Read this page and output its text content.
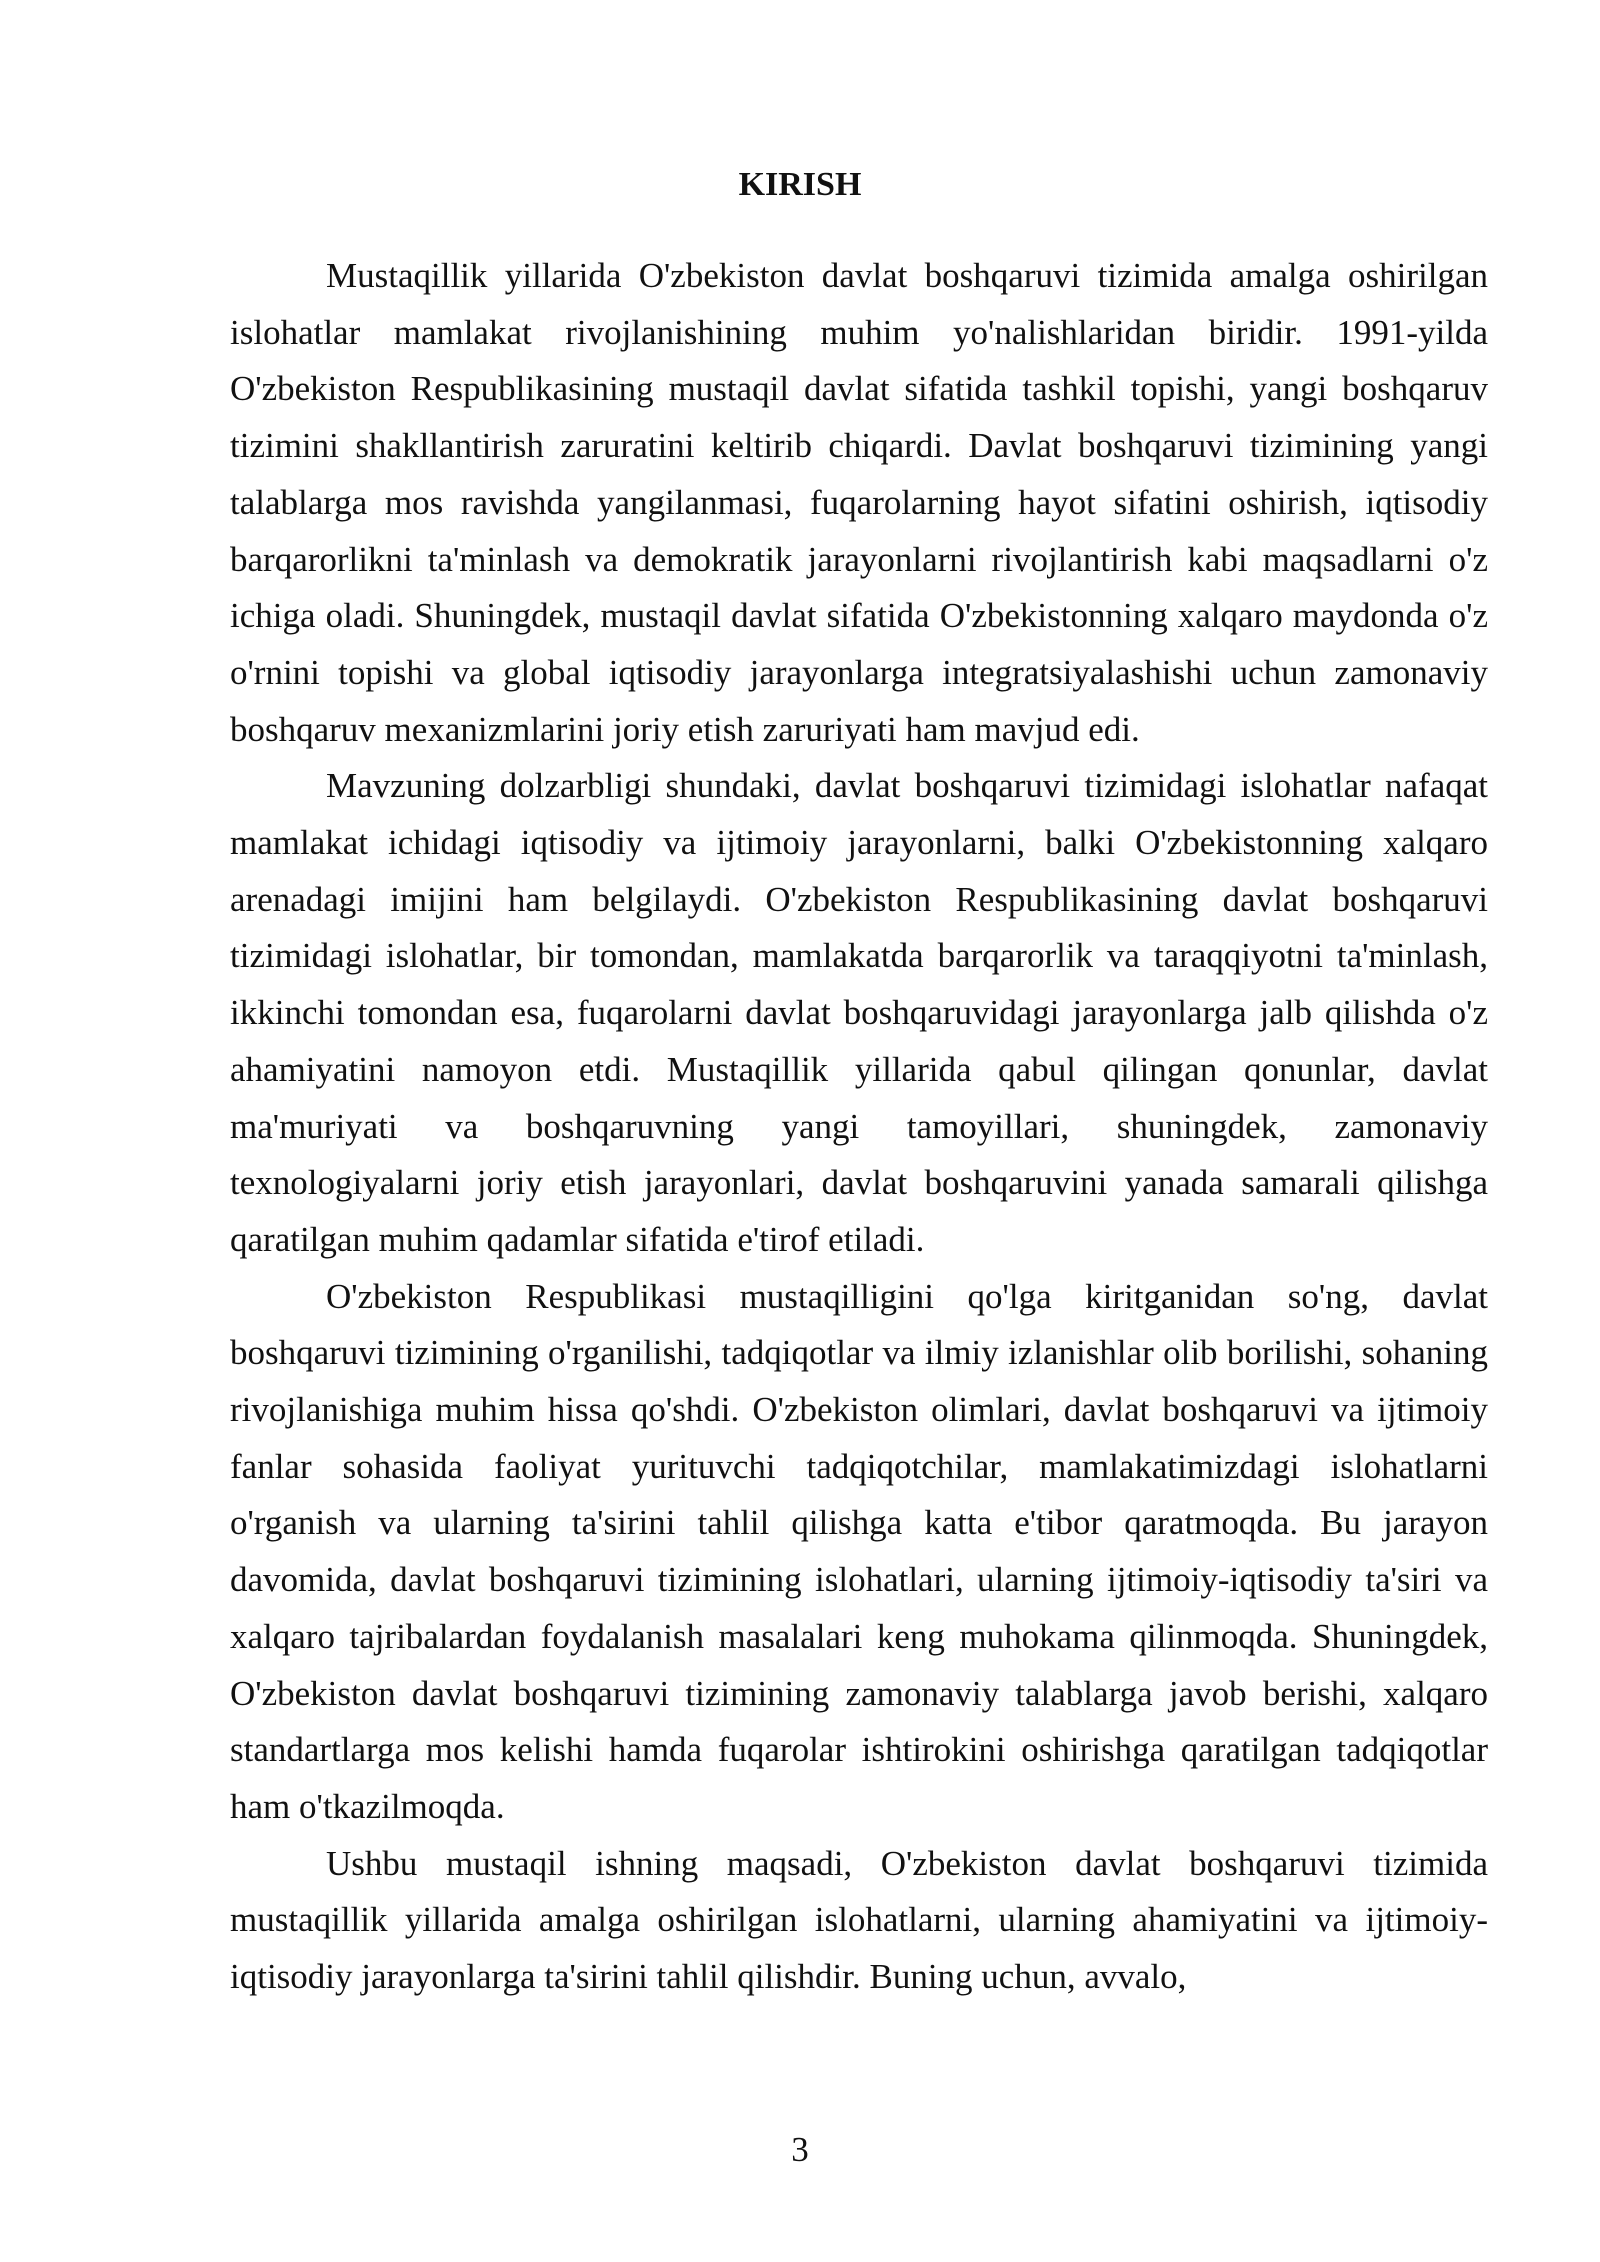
KIRISH

Mustaqillik yillarida O'zbekiston davlat boshqaruvi tizimida amalga oshirilgan islohatlar mamlakat rivojlanishining muhim yo'nalishlaridan biridir. 1991-yilda O'zbekiston Respublikasining mustaqil davlat sifatida tashkil topishi, yangi boshqaruv tizimini shakllantirish zaruratini keltirib chiqardi. Davlat boshqaruvi tizimining yangi talablarga mos ravishda yangilanmasi, fuqarolarning hayot sifatini oshirish, iqtisodiy barqarorlikni ta'minlash va demokratik jarayonlarni rivojlantirish kabi maqsadlarni o'z ichiga oladi. Shuningdek, mustaqil davlat sifatida O'zbekistonning xalqaro maydonda o'z o'rnini topishi va global iqtisodiy jarayonlarga integratsiyalashishi uchun zamonaviy boshqaruv mexanizmlarini joriy etish zaruriyati ham mavjud edi.

Mavzuning dolzarbligi shundaki, davlat boshqaruvi tizimidagi islohatlar nafaqat mamlakat ichidagi iqtisodiy va ijtimoiy jarayonlarni, balki O'zbekistonning xalqaro arenadagi imijini ham belgilaydi. O'zbekiston Respublikasining davlat boshqaruvi tizimidagi islohatlar, bir tomondan, mamlakatda barqarorlik va taraqqiyotni ta'minlash, ikkinchi tomondan esa, fuqarolarni davlat boshqaruvidagi jarayonlarga jalb qilishda o'z ahamiyatini namoyon etdi. Mustaqillik yillarida qabul qilingan qonunlar, davlat ma'muriyati va boshqaruvning yangi tamoyillari, shuningdek, zamonaviy texnologiyalarni joriy etish jarayonlari, davlat boshqaruvini yanada samarali qilishga qaratilgan muhim qadamlar sifatida e'tirof etiladi.

O'zbekiston Respublikasi mustaqilligini qo'lga kiritganidan so'ng, davlat boshqaruvi tizimining o'rganilishi, tadqiqotlar va ilmiy izlanishlar olib borilishi, sohaning rivojlanishiga muhim hissa qo'shdi. O'zbekiston olimlari, davlat boshqaruvi va ijtimoiy fanlar sohasida faoliyat yurituvchi tadqiqotchilar, mamlakatimizdagi islohatlarni o'rganish va ularning ta'sirini tahlil qilishga katta e'tibor qaratmoqda. Bu jarayon davomida, davlat boshqaruvi tizimining islohatlari, ularning ijtimoiy-iqtisodiy ta'siri va xalqaro tajribalardan foydalanish masalalari keng muhokama qilinmoqda. Shuningdek, O'zbekiston davlat boshqaruvi tizimining zamonaviy talablarga javob berishi, xalqaro standartlarga mos kelishi hamda fuqarolar ishtirokini oshirishga qaratilgan tadqiqotlar ham o'tkazilmoqda.

Ushbu mustaqil ishning maqsadi, O'zbekiston davlat boshqaruvi tizimida mustaqillik yillarida amalga oshirilgan islohatlarni, ularning ahamiyatini va ijtimoiy-iqtisodiy jarayonlarga ta'sirini tahlil qilishdir. Buning uchun, avvalo,

3
